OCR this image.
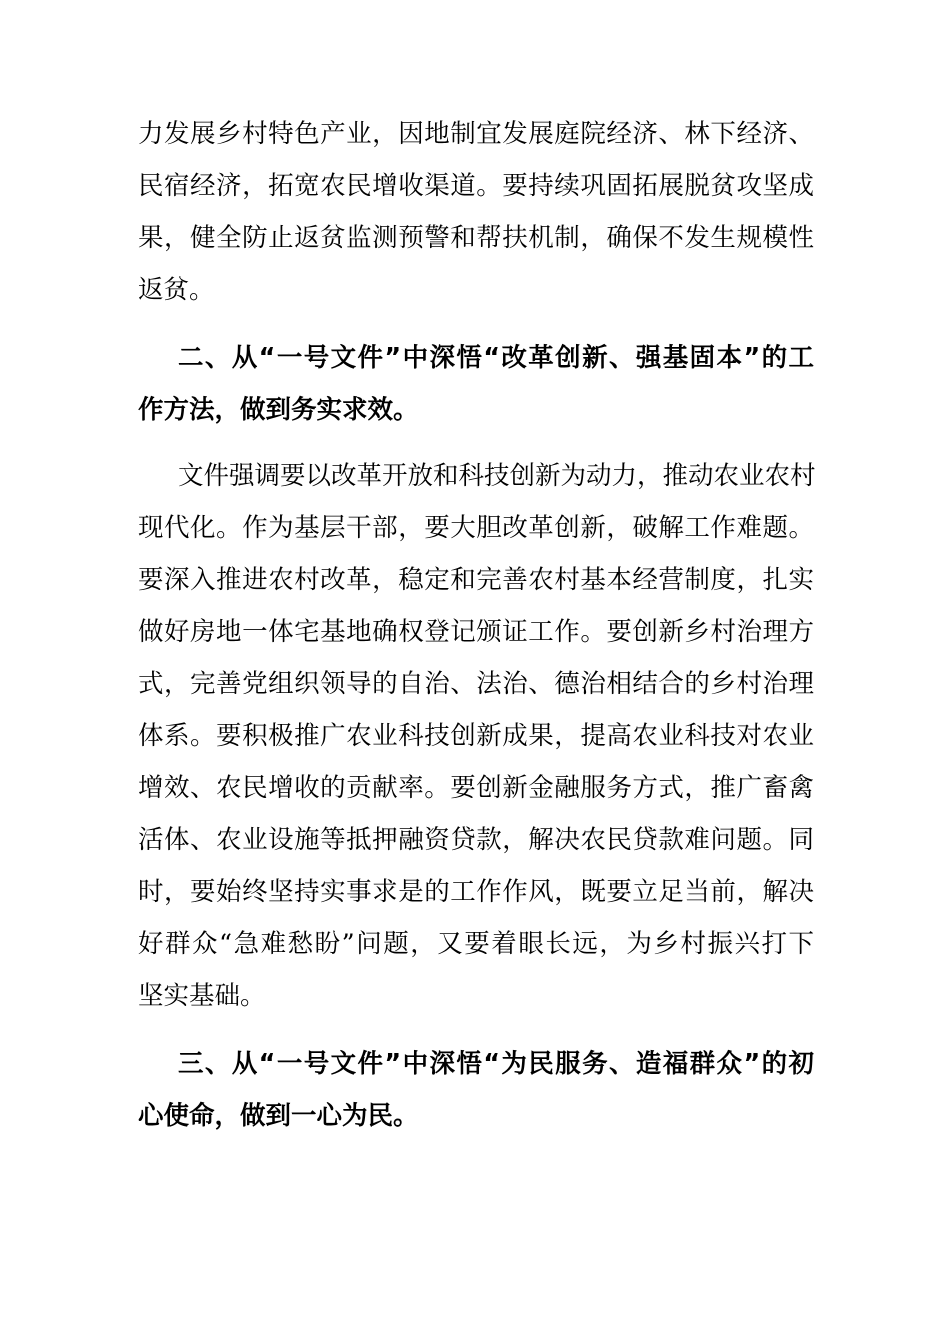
力发展乡村特色产业，因地制宜发展庭院经济、林下经济、
民宿经济，拓宽农民增收渠道。要持续巩固拓展脱贫攻坚成
果，健全防止返贫监测预警和帮扶机制，确保不发生规模性
返贫。
二、从“一号文件”中深悟“改革创新、强基固本”的工
作方法，做到务实求效。
文件强调要以改革开放和科技创新为动力，推动农业农村
现代化。作为基层干部，要大胆改革创新，破解工作难题。
要深入推进农村改革，稳定和完善农村基本经营制度，扎实
做好房地一体宅基地确权登记颁证工作。要创新乡村治理方
式，完善党组织领导的自治、法治、德治相结合的乡村治理
体系。要积极推广农业科技创新成果，提高农业科技对农业
增效、农民增收的贡献率。要创新金融服务方式，推广畜禽
活体、农业设施等抵押融资贷款，解决农民贷款难问题。同
时，要始终坚持实事求是的工作作风，既要立足当前，解决
好群众“急难愁盼”问题，又要着眼长远，为乡村振兴打下
坚实基础。
三、从“一号文件”中深悟“为民服务、造福群众”的初
心使命，做到一心为民。
